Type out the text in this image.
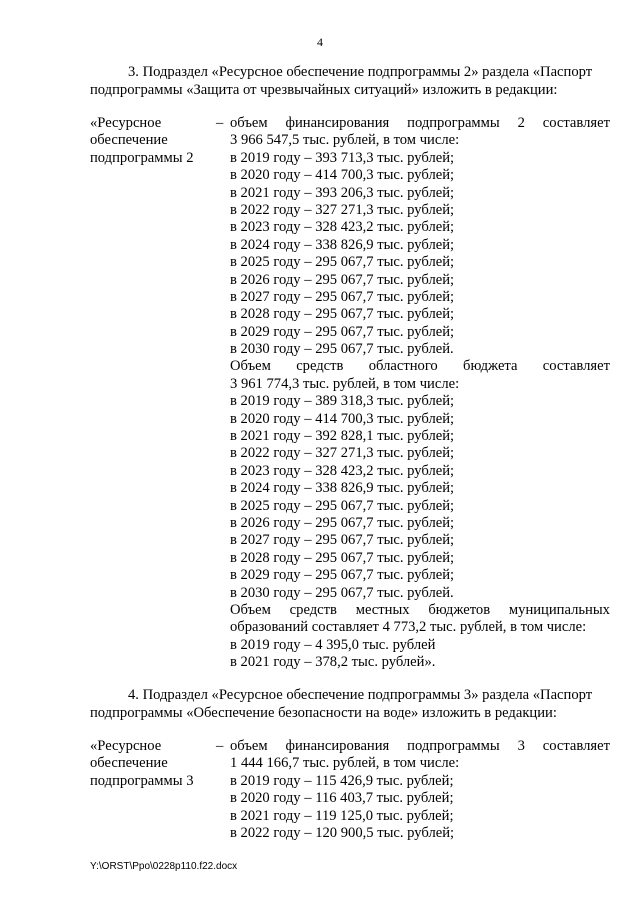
4
3. Подраздел «Ресурсное обеспечение подпрограммы 2» раздела «Паспорт
подпрограммы «Защита от чрезвычайных ситуаций» изложить в редакции:
«Ресурсное
обеспечение
подпрограммы 2
– объем финансирования подпрограммы 2 составляет
3 966 547,5 тыс. рублей, в том числе:
в 2019 году – 393 713,3 тыс. рублей;
в 2020 году – 414 700,3 тыс. рублей;
в 2021 году – 393 206,3 тыс. рублей;
в 2022 году – 327 271,3 тыс. рублей;
в 2023 году – 328 423,2 тыс. рублей;
в 2024 году – 338 826,9 тыс. рублей;
в 2025 году – 295 067,7 тыс. рублей;
в 2026 году – 295 067,7 тыс. рублей;
в 2027 году – 295 067,7 тыс. рублей;
в 2028 году – 295 067,7 тыс. рублей;
в 2029 году – 295 067,7 тыс. рублей;
в 2030 году – 295 067,7 тыс. рублей.
Объем средств областного бюджета составляет
3 961 774,3 тыс. рублей, в том числе:
в 2019 году – 389 318,3 тыс. рублей;
в 2020 году – 414 700,3 тыс. рублей;
в 2021 году – 392 828,1 тыс. рублей;
в 2022 году – 327 271,3 тыс. рублей;
в 2023 году – 328 423,2 тыс. рублей;
в 2024 году – 338 826,9 тыс. рублей;
в 2025 году – 295 067,7 тыс. рублей;
в 2026 году – 295 067,7 тыс. рублей;
в 2027 году – 295 067,7 тыс. рублей;
в 2028 году – 295 067,7 тыс. рублей;
в 2029 году – 295 067,7 тыс. рублей;
в 2030 году – 295 067,7 тыс. рублей.
Объем средств местных бюджетов муниципальных
образований составляет 4 773,2 тыс. рублей, в том числе:
в 2019 году – 4 395,0 тыс. рублей
в 2021 году – 378,2 тыс. рублей».
4. Подраздел «Ресурсное обеспечение подпрограммы 3» раздела «Паспорт
подпрограммы «Обеспечение безопасности на воде» изложить в редакции:
«Ресурсное
обеспечение
подпрограммы 3
– объем финансирования подпрограммы 3 составляет
1 444 166,7 тыс. рублей, в том числе:
в 2019 году – 115 426,9 тыс. рублей;
в 2020 году – 116 403,7 тыс. рублей;
в 2021 году – 119 125,0 тыс. рублей;
в 2022 году – 120 900,5 тыс. рублей;
Y:\ORST\Ppo\0228p110.f22.docx
